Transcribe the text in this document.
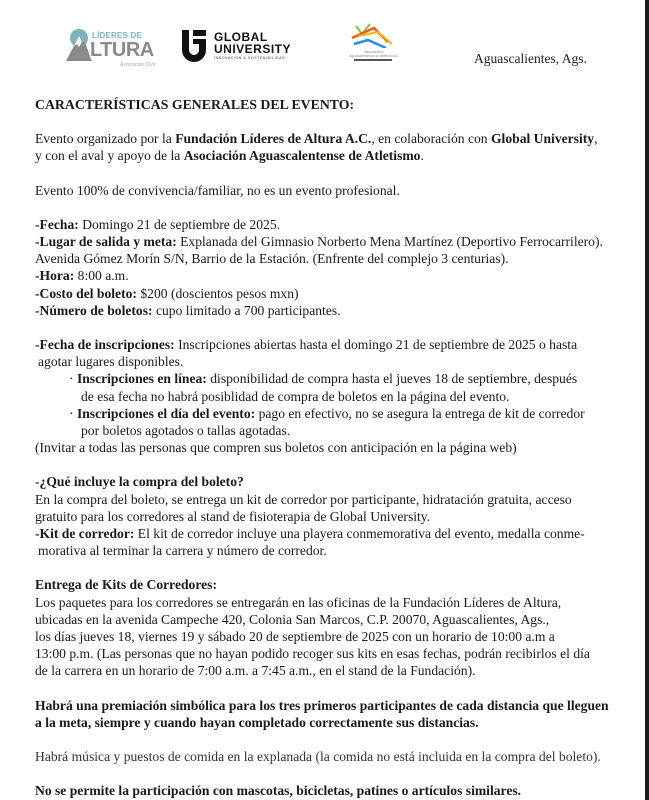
LÍDERES DE
ALTURA
Asociación Civil
GLOBAL
UNIVERSITY
INNOVACIÓN & SOSTENIBILIDAD
Asociación
Aguascalentense de Atletismo AC	Aguascalientes, Ags.

CARACTERÍSTICAS GENERALES DEL EVENTO:

Evento organizado por la Fundación Líderes de Altura A.C., en colaboración con Global University,
y con el aval y apoyo de la Asociación Aguascalentense de Atletismo.

Evento 100% de convivencia/familiar, no es un evento profesional.

-Fecha: Domingo 21 de septiembre de 2025.

-Lugar de salida y meta: Explanada del Gimnasio Norberto Mena Martínez (Deportivo Ferrocarrilero).
Avenida Gómez Morín S/N, Barrio de la Estación. (Enfrente del complejo 3 centurias).

-Hora: 8:00 a.m.

-Costo del boleto: $200 (doscientos pesos mxn)

-Número de boletos: cupo limitado a 700 participantes.

-Fecha de inscripciones: Inscripciones abiertas hasta el domingo 21 de septiembre de 2025 o hasta
agotar lugares disponibles.

· Inscripciones en línea: disponibilidad de compra hasta el jueves 18 de septiembre, después
de esa fecha no habrá posiblidad de compra de boletos en la página del evento.

· Inscripciones el día del evento: pago en efectivo, no se asegura la entrega de kit de corredor
por boletos agotados o tallas agotadas.

(Invitar a todas las personas que compren sus boletos con anticipación en la página web)

-¿Qué incluye la compra del boleto?

En la compra del boleto, se entrega un kit de corredor por participante, hidratación gratuita, acceso
gratuito para los corredores al stand de fisioterapia de Global University.

-Kit de corredor: El kit de corredor incluye una playera conmemorativa del evento, medalla conme-
morativa al terminar la carrera y número de corredor.

Entrega de Kits de Corredores:

Los paquetes para los corredores se entregarán en las oficinas de la Fundación Líderes de Altura,
ubicadas en la avenida Campeche 420, Colonia San Marcos, C.P. 20070, Aguascalientes, Ags.,
los días jueves 18, viernes 19 y sábado 20 de septiembre de 2025 con un horario de 10:00 a.m a
13:00 p.m. (Las personas que no hayan podido recoger sus kits en esas fechas, podrán recibirlos el día
de la carrera en un horario de 7:00 a.m. a 7:45 a.m., en el stand de la Fundación).

Habrá una premiación simbólica para los tres primeros participantes de cada distancia que lleguen
a la meta, siempre y cuando hayan completado correctamente sus distancias.

Habrá música y puestos de comida en la explanada (la comida no está incluida en la compra del boleto).

No se permite la participación con mascotas, bicicletas, patines o artículos similares.
